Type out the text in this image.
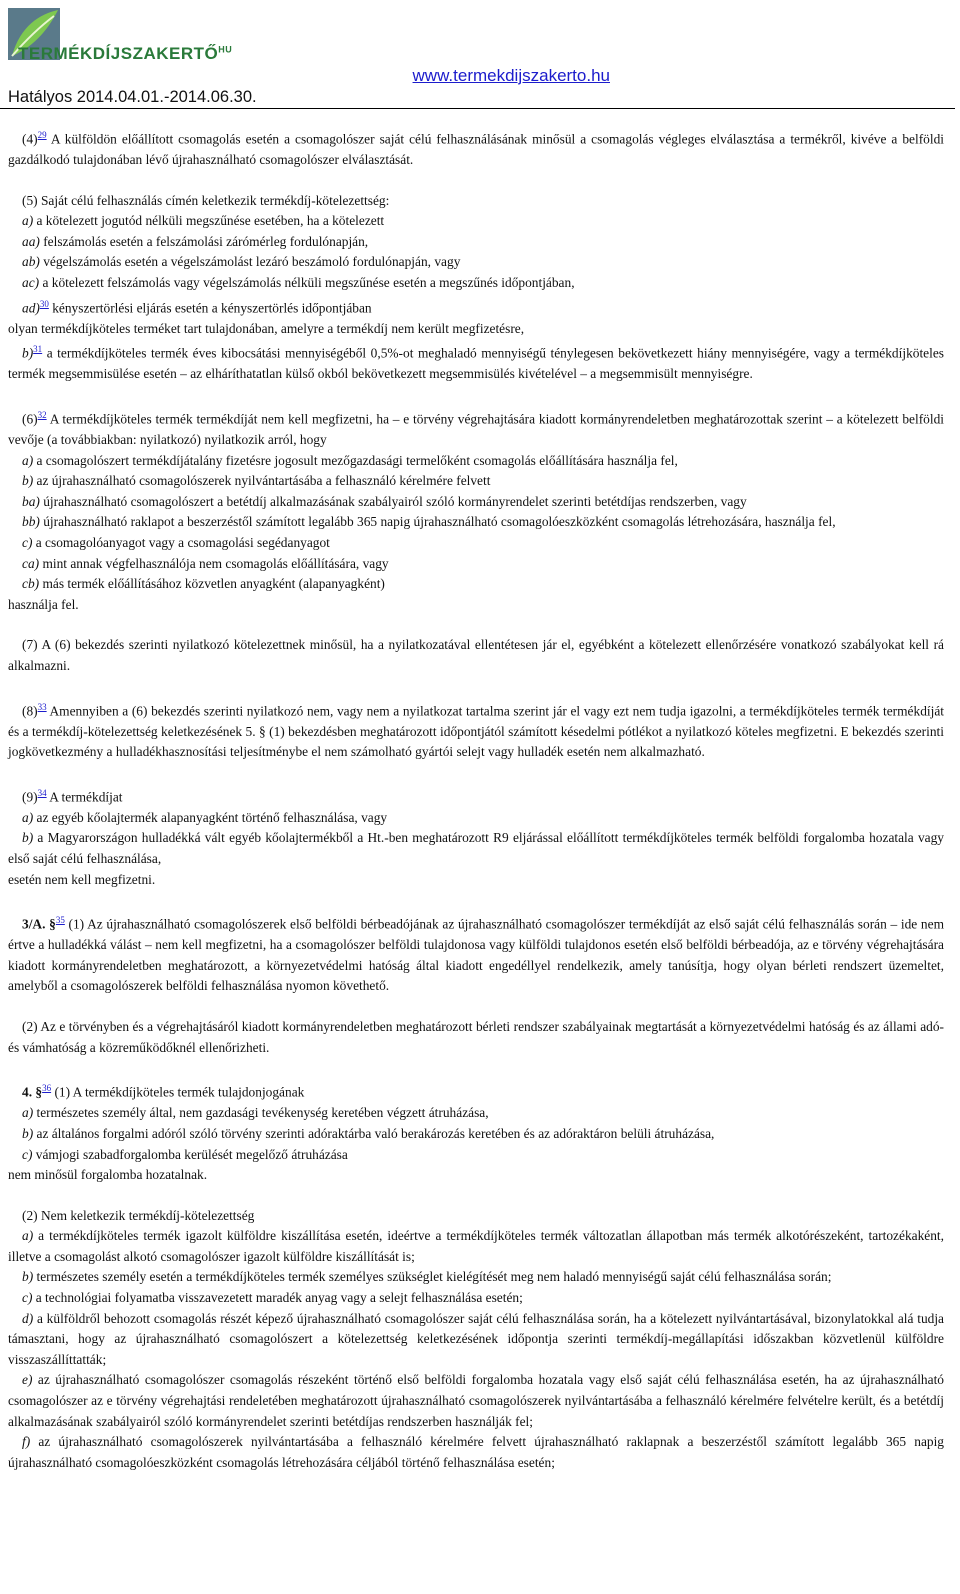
$TERMÉKDÍJSZAKERTŐ^{HU}$
www.termekdijszakerto.hu
Hatályos 2014.04.01.-2014.06.30.

(4)$^{29}$ A külföldön előállított csomagolás esetén a csomagolószer saját célú felhasználásának minősül a csomagolás végleges elválasztása a termékről, kivéve a belföldi gazdálkodó tulajdonában lévő újrahasználható csomagolószer elválasztását.

(5) Saját célú felhasználás címén keletkezik termékdíj-kötelezettség:

a) a kötelezett jogutód nélküli megszűnése esetében, ha a kötelezett

aa) felszámolás esetén a felszámolási zárómérleg fordulónapján,

ab) végelszámolás esetén a végelszámolást lezáró beszámoló fordulónapján, vagy

ac) a kötelezett felszámolás vagy végelszámolás nélküli megszűnése esetén a megszűnés időpontjában,

ad)$^{30}$ kényszertörlési eljárás esetén a kényszertörlés időpontjában

olyan termékdíjköteles terméket tart tulajdonában, amelyre a termékdíj nem került megfizetésre,

b)$^{31}$ a termékdíjköteles termék éves kibocsátási mennyiségéből 0,5%-ot meghaladó mennyiségű ténylegesen bekövetkezett hiány mennyiségére, vagy a termékdíjköteles termék megsemmisülése esetén – az elháríthatatlan külső okból bekövetkezett megsemmisülés kivételével – a megsemmisült mennyiségre.

(6)$^{32}$ A termékdíjköteles termék termékdíját nem kell megfizetni, ha – e törvény végrehajtására kiadott kormányrendeletben meghatározottak szerint – a kötelezett belföldi vevője (a továbbiakban: nyilatkozó) nyilatkozik arról, hogy

a) a csomagolószert termékdíjátalány fizetésre jogosult mezőgazdasági termelőként csomagolás előállítására használja fel,

b) az újrahasználható csomagolószerek nyilvántartásába a felhasználó kérelmére felvett

ba) újrahasználható csomagolószert a betétdíj alkalmazásának szabályairól szóló kormányrendelet szerinti betétdíjas rendszerben, vagy

bb) újrahasználható raklapot a beszerzéstől számított legalább 365 napig újrahasználható csomagolóeszközként csomagolás létrehozására, használja fel,

c) a csomagolóanyagot vagy a csomagolási segédanyagot

ca) mint annak végfelhasználója nem csomagolás előállítására, vagy

cb) más termék előállításához közvetlen anyagként (alapanyagként)

használja fel.

(7) A (6) bekezdés szerinti nyilatkozó kötelezettnek minősül, ha a nyilatkozatával ellentétesen jár el, egyébként a kötelezett ellenőrzésére vonatkozó szabályokat kell rá alkalmazni.

(8)$^{33}$ Amennyiben a (6) bekezdés szerinti nyilatkozó nem, vagy nem a nyilatkozat tartalma szerint jár el vagy ezt nem tudja igazolni, a termékdíjköteles termék termékdíját és a termékdíj-kötelezettség keletkezésének 5. § (1) bekezdésben meghatározott időpontjától számított késedelmi pótlékot a nyilatkozó köteles megfizetni. E bekezdés szerinti jogkövetkezmény a hulladékhasznosítási teljesítménybe el nem számolható gyártói selejt vagy hulladék esetén nem alkalmazható.

(9)$^{34}$ A termékdíjat

a) az egyéb kőolajtermék alapanyagként történő felhasználása, vagy

b) a Magyarországon hulladékká vált egyéb kőolajtermékből a Ht.-ben meghatározott R9 eljárással előállított termékdíjköteles termék belföldi forgalomba hozatala vagy első saját célú felhasználása,

esetén nem kell megfizetni.

3/A. §$^{35}$ (1) Az újrahasználható csomagolószerek első belföldi bérbeadójának az újrahasználható csomagolószer termékdíját az első saját célú felhasználás során – ide nem értve a hulladékká válást – nem kell megfizetni, ha a csomagolószer belföldi tulajdonosa vagy külföldi tulajdonos esetén első belföldi bérbeadója, az e törvény végrehajtására kiadott kormányrendeletben meghatározott, a környezetvédelmi hatóság által kiadott engedéllyel rendelkezik, amely tanúsítja, hogy olyan bérleti rendszert üzemeltet, amelyből a csomagolószerek belföldi felhasználása nyomon követhető.

(2) Az e törvényben és a végrehajtásáról kiadott kormányrendeletben meghatározott bérleti rendszer szabályainak megtartását a környezetvédelmi hatóság és az állami adó- és vámhatóság a közreműködőknél ellenőrizheti.

4. §$^{36}$ (1) A termékdíjköteles termék tulajdonjogának

a) természetes személy által, nem gazdasági tevékenység keretében végzett átruházása,

b) az általános forgalmi adóról szóló törvény szerinti adóraktárba való berakározás keretében és az adóraktáron belüli átruházása,

c) vámjogi szabadforgalomba kerülését megelőző átruházása

nem minősül forgalomba hozatalnak.

(2) Nem keletkezik termékdíj-kötelezettség

a) a termékdíjköteles termék igazolt külföldre kiszállítása esetén, ideértve a termékdíjköteles termék változatlan állapotban más termék alkotórészeként, tartozékaként, illetve a csomagolást alkotó csomagolószer igazolt külföldre kiszállítását is;

b) természetes személy esetén a termékdíjköteles termék személyes szükséglet kielégítését meg nem haladó mennyiségű saját célú felhasználása során;

c) a technológiai folyamatba visszavezetett maradék anyag vagy a selejt felhasználása esetén;

d) a külföldről behozott csomagolás részét képező újrahasználható csomagolószer saját célú felhasználása során, ha a kötelezett nyilvántartásával, bizonylatokkal alá tudja támasztani, hogy az újrahasználható csomagolószert a kötelezettség keletkezésének időpontja szerinti termékdíj-megállapítási időszakban közvetlenül külföldre visszaszállíttatták;

e) az újrahasználható csomagolószer csomagolás részeként történő első belföldi forgalomba hozatala vagy első saját célú felhasználása esetén, ha az újrahasználható csomagolószer az e törvény végrehajtási rendeletében meghatározott újrahasználható csomagolószerek nyilvántartásába a felhasználó kérelmére felvételre került, és a betétdíj alkalmazásának szabályairól szóló kormányrendelet szerinti betétdíjas rendszerben használják fel;

f) az újrahasználható csomagolószerek nyilvántartásába a felhasználó kérelmére felvett újrahasználható raklapnak a beszerzéstől számított legalább 365 napig újrahasználható csomagolóeszközként csomagolás létrehozására céljából történő felhasználása esetén;
